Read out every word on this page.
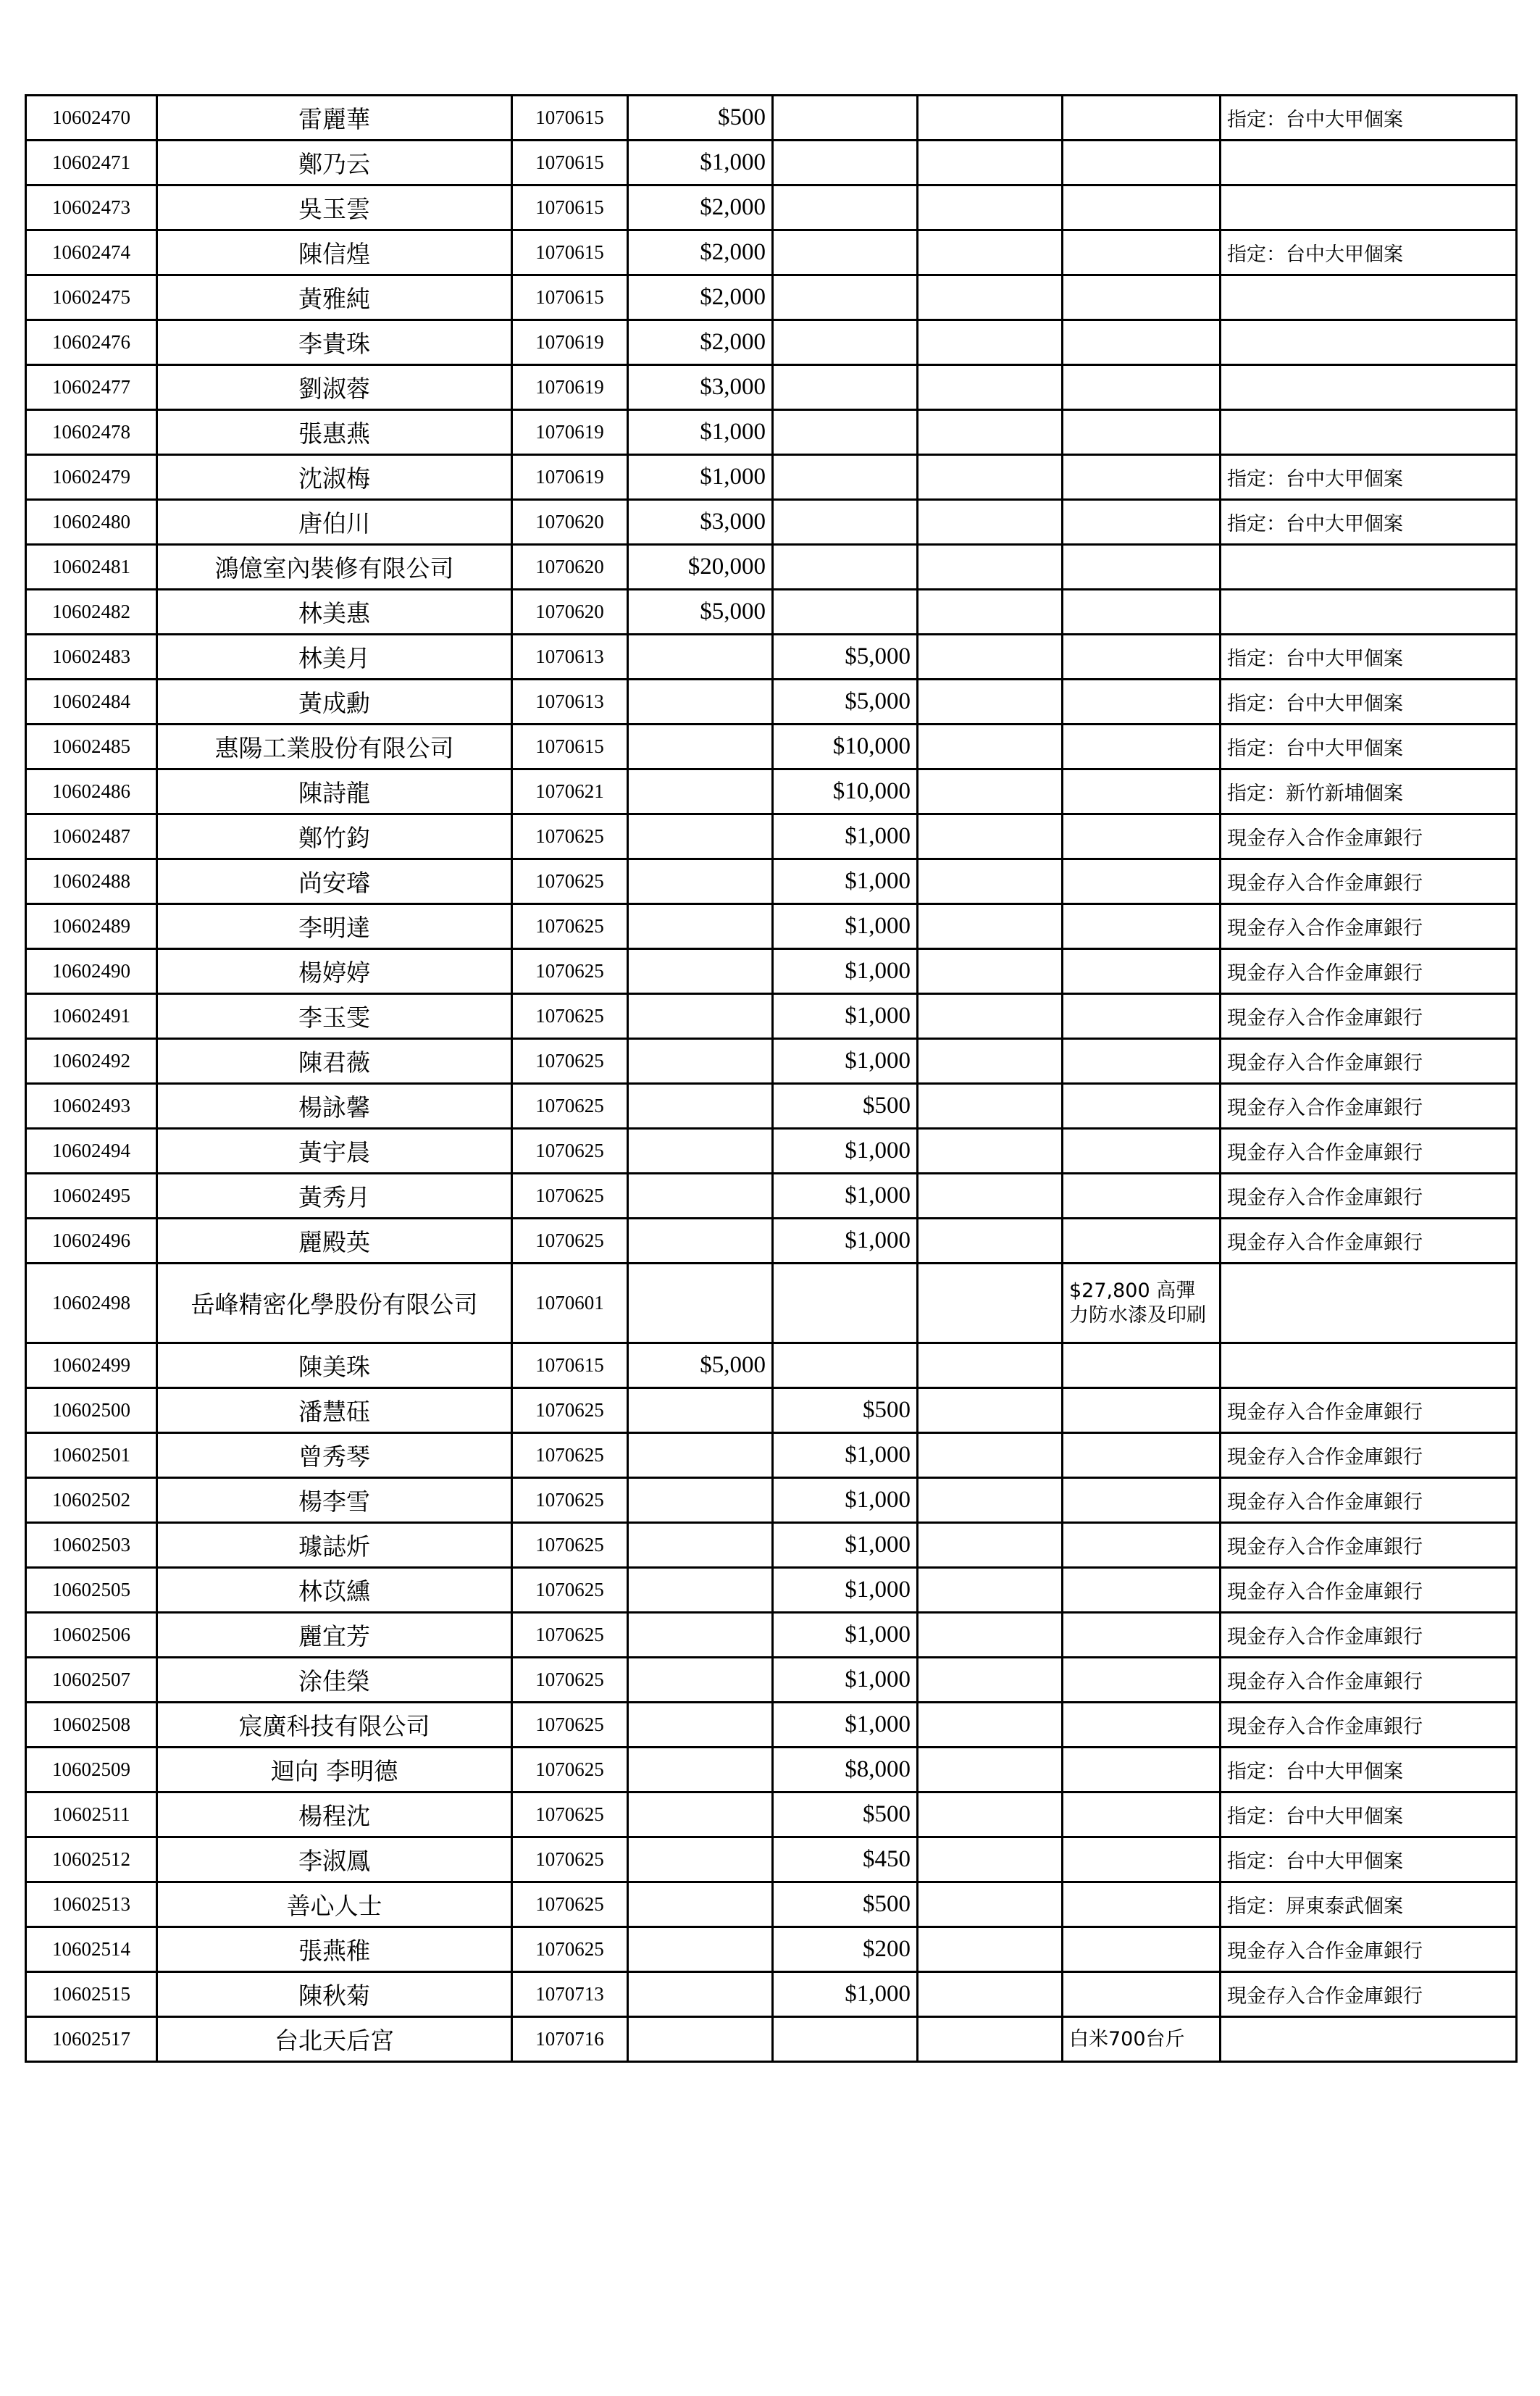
10602470	雷麗華	1070615	$500				指定：台中大甲個案
10602471	鄭乃云	1070615	$1,000				
10602473	吳玉雲	1070615	$2,000				
10602474	陳信煌	1070615	$2,000				指定：台中大甲個案
10602475	黃雅純	1070615	$2,000				
10602476	李貴珠	1070619	$2,000				
10602477	劉淑蓉	1070619	$3,000				
10602478	張惠燕	1070619	$1,000				
10602479	沈淑梅	1070619	$1,000				指定：台中大甲個案
10602480	唐伯川	1070620	$3,000				指定：台中大甲個案
10602481	鴻億室內裝修有限公司	1070620	$20,000				
10602482	林美惠	1070620	$5,000				
10602483	林美月	1070613		$5,000			指定：台中大甲個案
10602484	黃成勳	1070613		$5,000			指定：台中大甲個案
10602485	惠陽工業股份有限公司	1070615		$10,000			指定：台中大甲個案
10602486	陳詩龍	1070621		$10,000			指定：新竹新埔個案
10602487	鄭竹鈞	1070625		$1,000			現金存入合作金庫銀行
10602488	尚安璿	1070625		$1,000			現金存入合作金庫銀行
10602489	李明達	1070625		$1,000			現金存入合作金庫銀行
10602490	楊婷婷	1070625		$1,000			現金存入合作金庫銀行
10602491	李玉雯	1070625		$1,000			現金存入合作金庫銀行
10602492	陳君薇	1070625		$1,000			現金存入合作金庫銀行
10602493	楊詠馨	1070625		$500			現金存入合作金庫銀行
10602494	黃宇晨	1070625		$1,000			現金存入合作金庫銀行
10602495	黃秀月	1070625		$1,000			現金存入合作金庫銀行
10602496	麗殿英	1070625		$1,000			現金存入合作金庫銀行
10602498	岳峰精密化學股份有限公司	1070601				$27,800 高彈力防水漆及印刷	
10602499	陳美珠	1070615	$5,000				
10602500	潘慧砡	1070625		$500			現金存入合作金庫銀行
10602501	曾秀琴	1070625		$1,000			現金存入合作金庫銀行
10602502	楊李雪	1070625		$1,000			現金存入合作金庫銀行
10602503	璩誌炘	1070625		$1,000			現金存入合作金庫銀行
10602505	林苡纁	1070625		$1,000			現金存入合作金庫銀行
10602506	麗宜芳	1070625		$1,000			現金存入合作金庫銀行
10602507	涂佳榮	1070625		$1,000			現金存入合作金庫銀行
10602508	宸廣科技有限公司	1070625		$1,000			現金存入合作金庫銀行
10602509	迴向 李明德	1070625		$8,000			指定：台中大甲個案
10602511	楊程沈	1070625		$500			指定：台中大甲個案
10602512	李淑鳳	1070625		$450			指定：台中大甲個案
10602513	善心人士	1070625		$500			指定：屏東泰武個案
10602514	張燕稚	1070625		$200			現金存入合作金庫銀行
10602515	陳秋菊	1070713		$1,000			現金存入合作金庫銀行
10602517	台北天后宮	1070716				白米700台斤	
